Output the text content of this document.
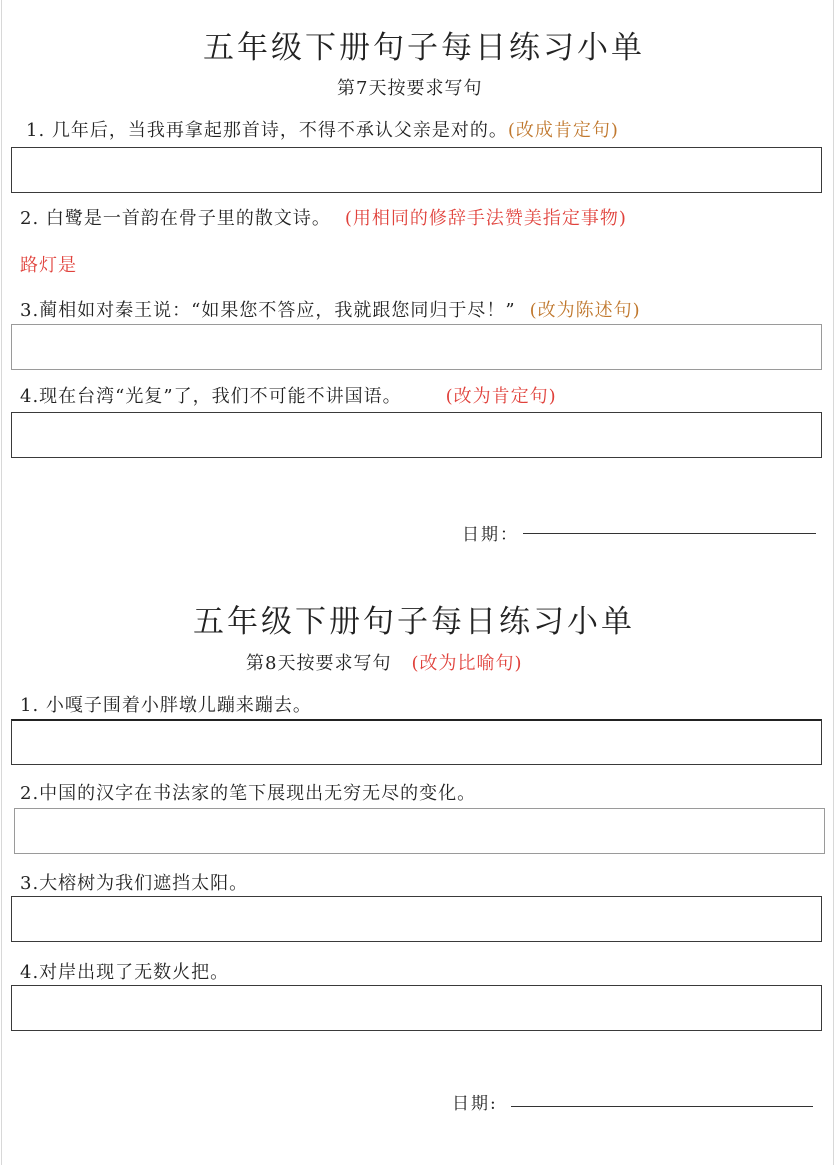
五年级下册句子每日练习小单
第7天按要求写句
1. 几年后，当我再拿起那首诗，不得不承认父亲是对的。(改成肯定句)
2. 白鹭是一首韵在骨子里的散文诗。 (用相同的修辞手法赞美指定事物)
路灯是
3.蔺相如对秦王说：“如果您不答应，我就跟您同归于尽！” (改为陈述句)
4.现在台湾“光复”了，我们不可能不讲国语。 (改为肯定句)
日期：
五年级下册句子每日练习小单
第8天按要求写句 (改为比喻句)
1. 小嘎子围着小胖墩儿蹦来蹦去。
2.中国的汉字在书法家的笔下展现出无穷无尽的变化。
3.大榕树为我们遮挡太阳。
4.对岸出现了无数火把。
日期:
